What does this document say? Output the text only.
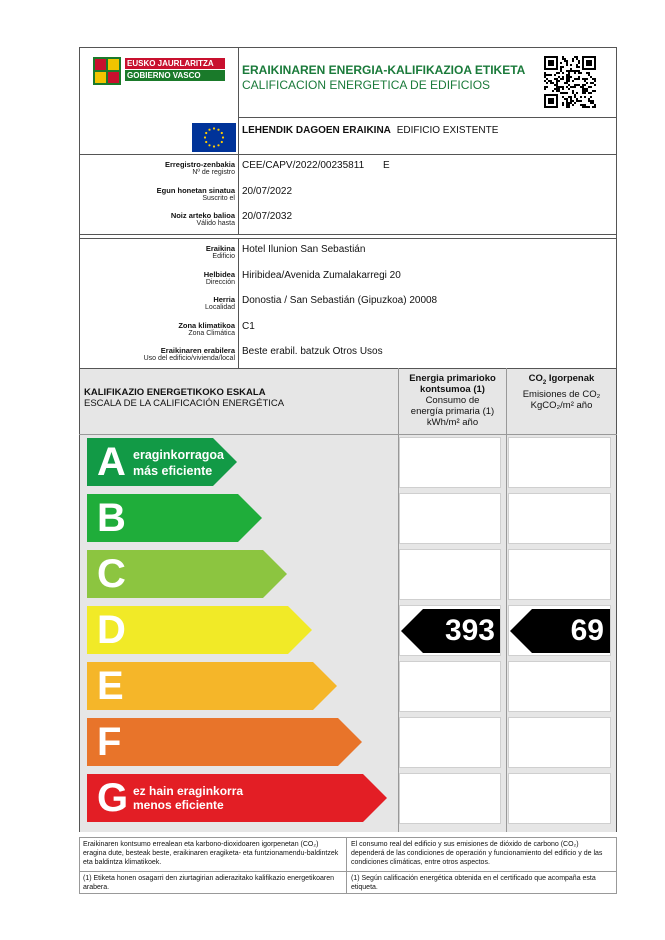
EUSKO JAURLARITZA
GOBIERNO VASCO	ERAIKINAREN ENERGIA-KALIFIKAZIOA ETIKETA
CALIFICACION ENERGETICA DE EDIFICIOS
LEHENDIK DAGOEN ERAIKINA EDIFICIO EXISTENTE
Erregistro-zenbakia
Nº de registro
CEE/CAPV/2022/00235811 E
Egun honetan sinatua
Suscrito el
20/07/2022
Noiz arteko balioa
Válido hasta
20/07/2032
Eraikina
Edificio
Hotel Ilunion San Sebastián
Helbidea
Dirección
Hiribidea/Avenida Zumalakarregi 20
Herria
Localidad
Donostia / San Sebastián (Gipuzkoa) 20008
Zona klimatikoa
Zona Climática
C1
Eraikinaren erabilera
Uso del edificio/vivienda/local
Beste erabil. batzuk Otros Usos
KALIFIKAZIO ENERGETIKOKO ESKALA
ESCALA DE LA CALIFICACIÓN ENERGÉTICA
Energia primarioko kontsumoa (1)
Consumo de energía primaria (1)
kWh/m² año
$CO_2$ Igorpenak
Emisiones de CO₂
KgCO₂/m² año
A eraginkorragoa
más eficiente
B
C
D	393	69
E
F
G ez hain eraginkorra
menos eficiente
Eraikinaren kontsumo errealean eta karbono-dioxidoaren igorpenetan (CO₂) eragina dute, besteak beste, eraikinaren eragiketa- eta funtzionamendu-baldintzek eta baldintza klimatikoek.
El consumo real del edificio y sus emisiones de dióxido de carbono (CO₂) dependerá de las condiciones de operación y funcionamiento del edificio y de las condiciones climáticas, entre otros aspectos.
(1) Etiketa honen osagarri den ziurtagirian adierazitako kalifikazio energetikoaren arabera.
(1) Según calificación energética obtenida en el certificado que acompaña esta etiqueta.
